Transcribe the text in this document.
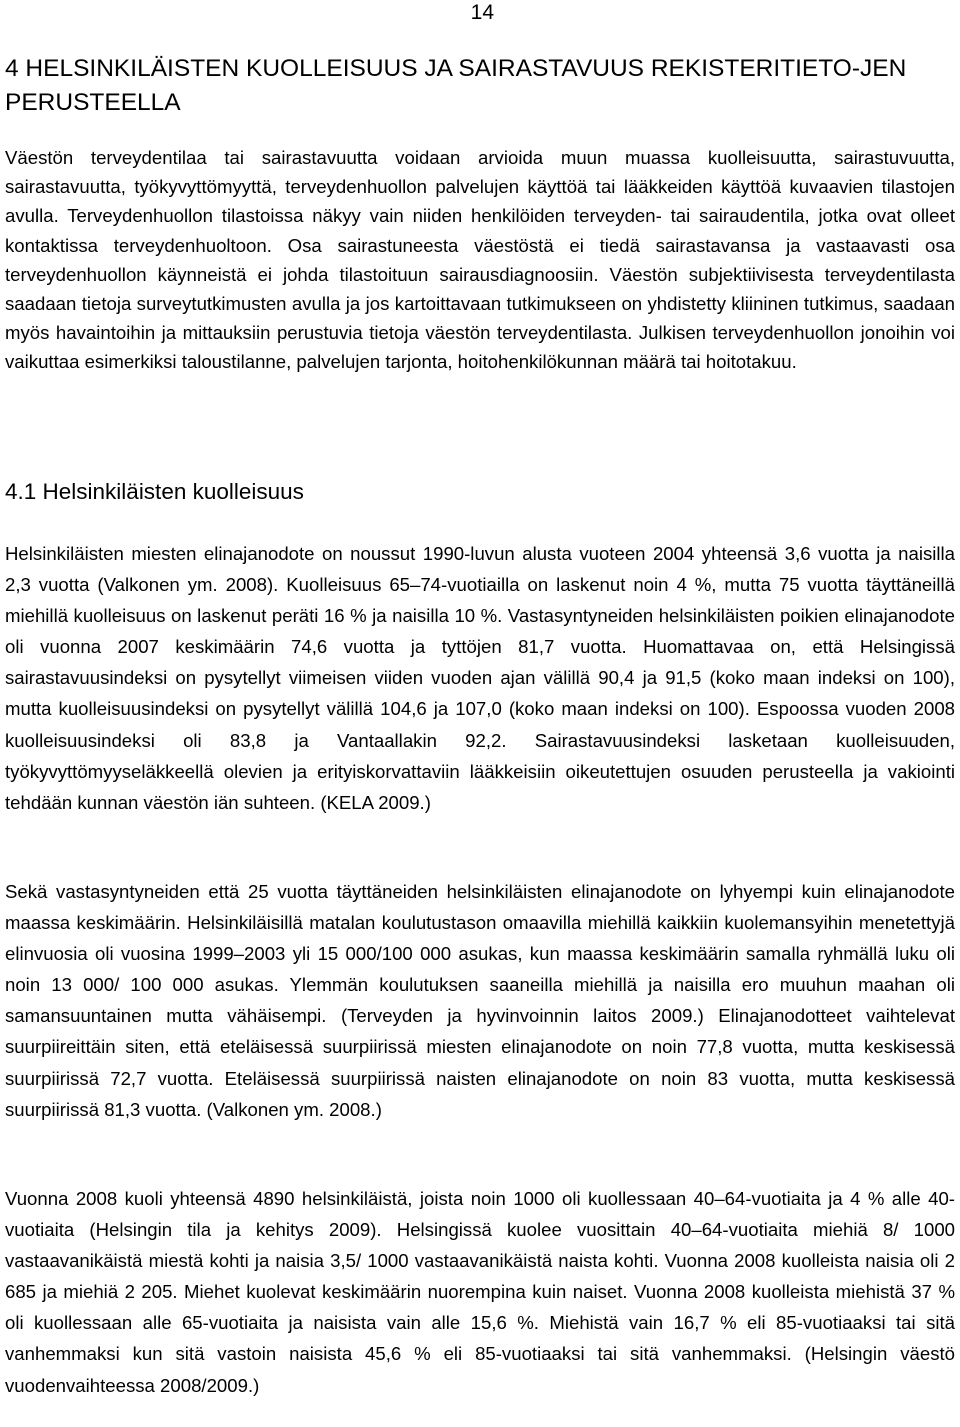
14
4 HELSINKILÄISTEN KUOLLEISUUS JA SAIRASTAVUUS REKISTERITIETO-JEN PERUSTEELLA

Väestön terveydentilaa tai sairastavuutta voidaan arvioida muun muassa kuolleisuutta, sairastuvuutta, sairastavuutta, työkyvyttömyyttä, terveydenhuollon palvelujen käyttöä tai lääkkeiden käyttöä kuvaavien tilastojen avulla. Terveydenhuollon tilastoissa näkyy vain niiden henkilöiden terveyden- tai sairaudentila, jotka ovat olleet kontaktissa terveydenhuoltoon. Osa sairastuneesta väestöstä ei tiedä sairastavansa ja vastaavasti osa terveydenhuollon käynneistä ei johda tilastoituun sairausdiagnoosiin. Väestön subjektiivisesta terveydentilasta saadaan tietoja surveytutkimusten avulla ja jos kartoittavaan tutkimukseen on yhdistetty kliininen tutkimus, saadaan myös havaintoihin ja mittauksiin perustuvia tietoja väestön terveydentilasta. Julkisen terveydenhuollon jonoihin voi vaikuttaa esimerkiksi taloustilanne, palvelujen tarjonta, hoitohenkilökunnan määrä tai hoitotakuu.

4.1 Helsinkiläisten kuolleisuus

Helsinkiläisten miesten elinajanodote on noussut 1990-luvun alusta vuoteen 2004 yhteensä 3,6 vuotta ja naisilla 2,3 vuotta (Valkonen ym. 2008). Kuolleisuus 65–74-vuotiailla on laskenut noin 4 %, mutta 75 vuotta täyttäneillä miehillä kuolleisuus on laskenut peräti 16 % ja naisilla 10 %. Vastasyntyneiden helsinkiläisten poikien elinajanodote oli vuonna 2007 keskimäärin 74,6 vuotta ja tyttöjen 81,7 vuotta. Huomattavaa on, että Helsingissä sairastavuusindeksi on pysytellyt viimeisen viiden vuoden ajan välillä 90,4 ja 91,5 (koko maan indeksi on 100), mutta kuolleisuusindeksi on pysytellyt välillä 104,6 ja 107,0 (koko maan indeksi on 100). Espoossa vuoden 2008 kuolleisuusindeksi oli 83,8 ja Vantaallakin 92,2. Sairastavuusindeksi lasketaan kuolleisuuden, työkyvyttömyyseläkkeellä olevien ja erityiskorvattaviin lääkkeisiin oikeutettujen osuuden perusteella ja vakiointi tehdään kunnan väestön iän suhteen. (KELA 2009.)

Sekä vastasyntyneiden että 25 vuotta täyttäneiden helsinkiläisten elinajanodote on lyhyempi kuin elinajanodote maassa keskimäärin. Helsinkiläisillä matalan koulutustason omaavilla miehillä kaikkiin kuolemansyihin menetettyjä elinvuosia oli vuosina 1999–2003 yli 15 000/100 000 asukas, kun maassa keskimäärin samalla ryhmällä luku oli noin 13 000/ 100 000 asukas. Ylemmän koulutuksen saaneilla miehillä ja naisilla ero muuhun maahan oli samansuuntainen mutta vähäisempi. (Terveyden ja hyvinvoinnin laitos 2009.) Elinajanodotteet vaihtelevat suurpiireittäin siten, että eteläisessä suurpiirissä miesten elinajanodote on noin 77,8 vuotta, mutta keskisessä suurpiirissä 72,7 vuotta. Eteläisessä suurpiirissä naisten elinajanodote on noin 83 vuotta, mutta keskisessä suurpiirissä 81,3 vuotta. (Valkonen ym. 2008.)

Vuonna 2008 kuoli yhteensä 4890 helsinkiläistä, joista noin 1000 oli kuollessaan 40–64-vuotiaita ja 4 % alle 40-vuotiaita (Helsingin tila ja kehitys 2009). Helsingissä kuolee vuosittain 40–64-vuotiaita miehiä 8/ 1000 vastaavanikäistä miestä kohti ja naisia 3,5/ 1000 vastaavanikäistä naista kohti. Vuonna 2008 kuolleista naisia oli 2 685 ja miehiä 2 205. Miehet kuolevat keskimäärin nuorempina kuin naiset. Vuonna 2008 kuolleista miehistä 37 % oli kuollessaan alle 65-vuotiaita ja naisista vain alle 15,6 %. Miehistä vain 16,7 % eli 85-vuotiaaksi tai sitä vanhemmaksi kun sitä vastoin naisista 45,6 % eli 85-vuotiaaksi tai sitä vanhemmaksi. (Helsingin väestö vuodenvaihteessa 2008/2009.)
